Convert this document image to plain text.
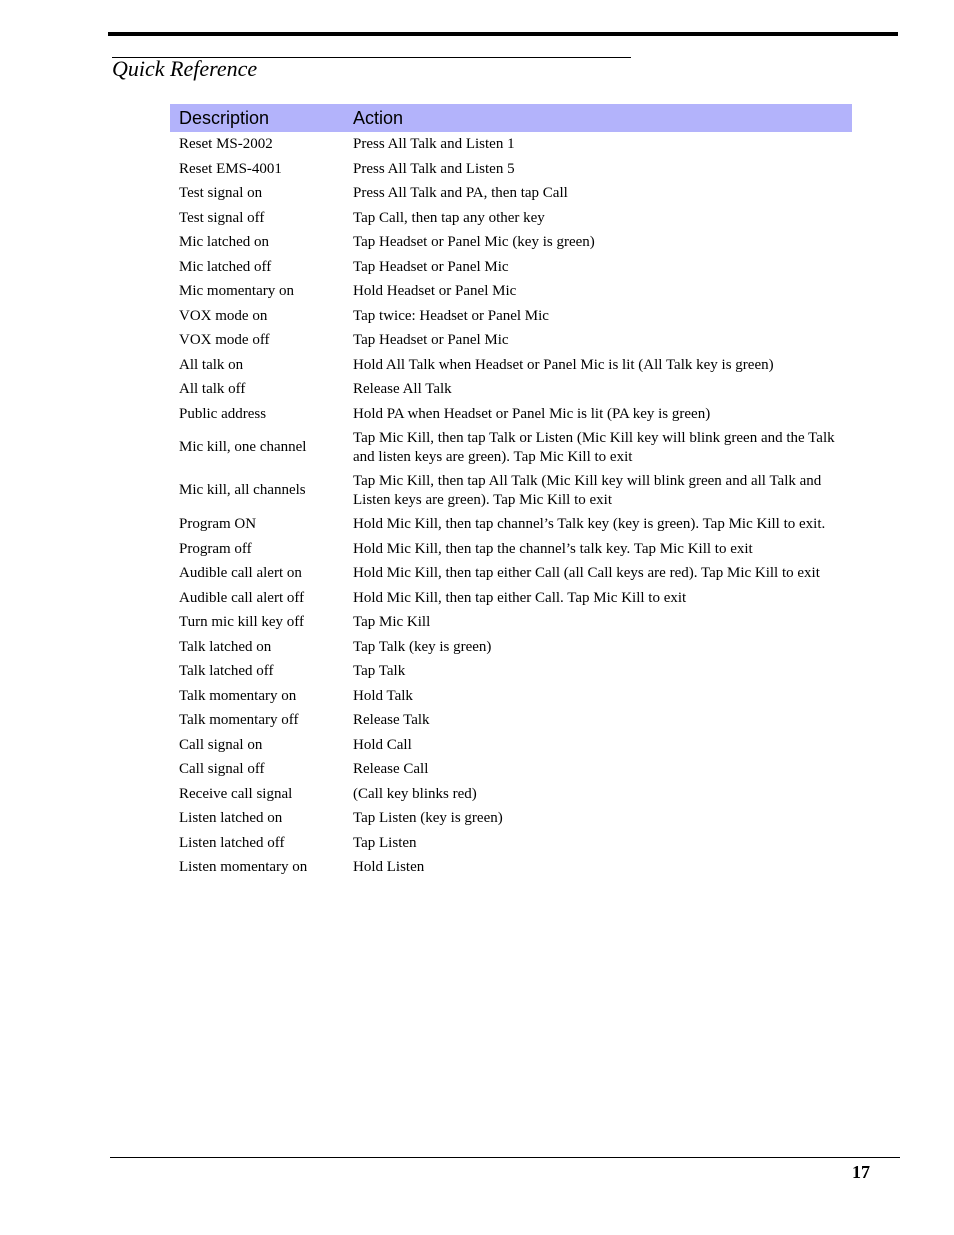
Quick Reference
Description	Action
Reset MS-2002	Press All Talk and Listen 1
Reset EMS-4001	Press All Talk and Listen 5
Test signal on	Press All Talk and PA, then tap Call
Test signal off	Tap Call, then tap any other key
Mic latched on	Tap Headset or Panel Mic (key is green)
Mic latched off	Tap Headset or Panel Mic
Mic momentary on	Hold Headset or Panel Mic
VOX mode on	Tap twice: Headset or Panel Mic
VOX mode off	Tap Headset or Panel Mic
All talk on	Hold All Talk when Headset or Panel Mic is lit (All Talk key is green)
All talk off	Release All Talk
Public address	Hold PA when Headset or Panel Mic is lit (PA key is green)
Mic kill, one channel	Tap Mic Kill, then tap Talk or Listen (Mic Kill key will blink green and the Talk and listen keys are green). Tap Mic Kill to exit
Mic kill, all channels	Tap Mic Kill, then tap All Talk (Mic Kill key will blink green and all Talk and Listen keys are green). Tap Mic Kill to exit
Program ON	Hold Mic Kill, then tap channel’s Talk key (key is green). Tap Mic Kill to exit.
Program off	Hold Mic Kill, then tap the channel’s talk key. Tap Mic Kill to exit
Audible call alert on	Hold Mic Kill, then tap either Call (all Call keys are red). Tap Mic Kill to exit
Audible call alert off	Hold Mic Kill, then tap either Call. Tap Mic Kill to exit
Turn mic kill key off	Tap Mic Kill
Talk latched on	Tap Talk (key is green)
Talk latched off	Tap Talk
Talk momentary on	Hold Talk
Talk momentary off	Release Talk
Call signal on	Hold Call
Call signal off	Release Call
Receive call signal	(Call key blinks red)
Listen latched on	Tap Listen (key is green)
Listen latched off	Tap Listen
Listen momentary on	Hold Listen
17
